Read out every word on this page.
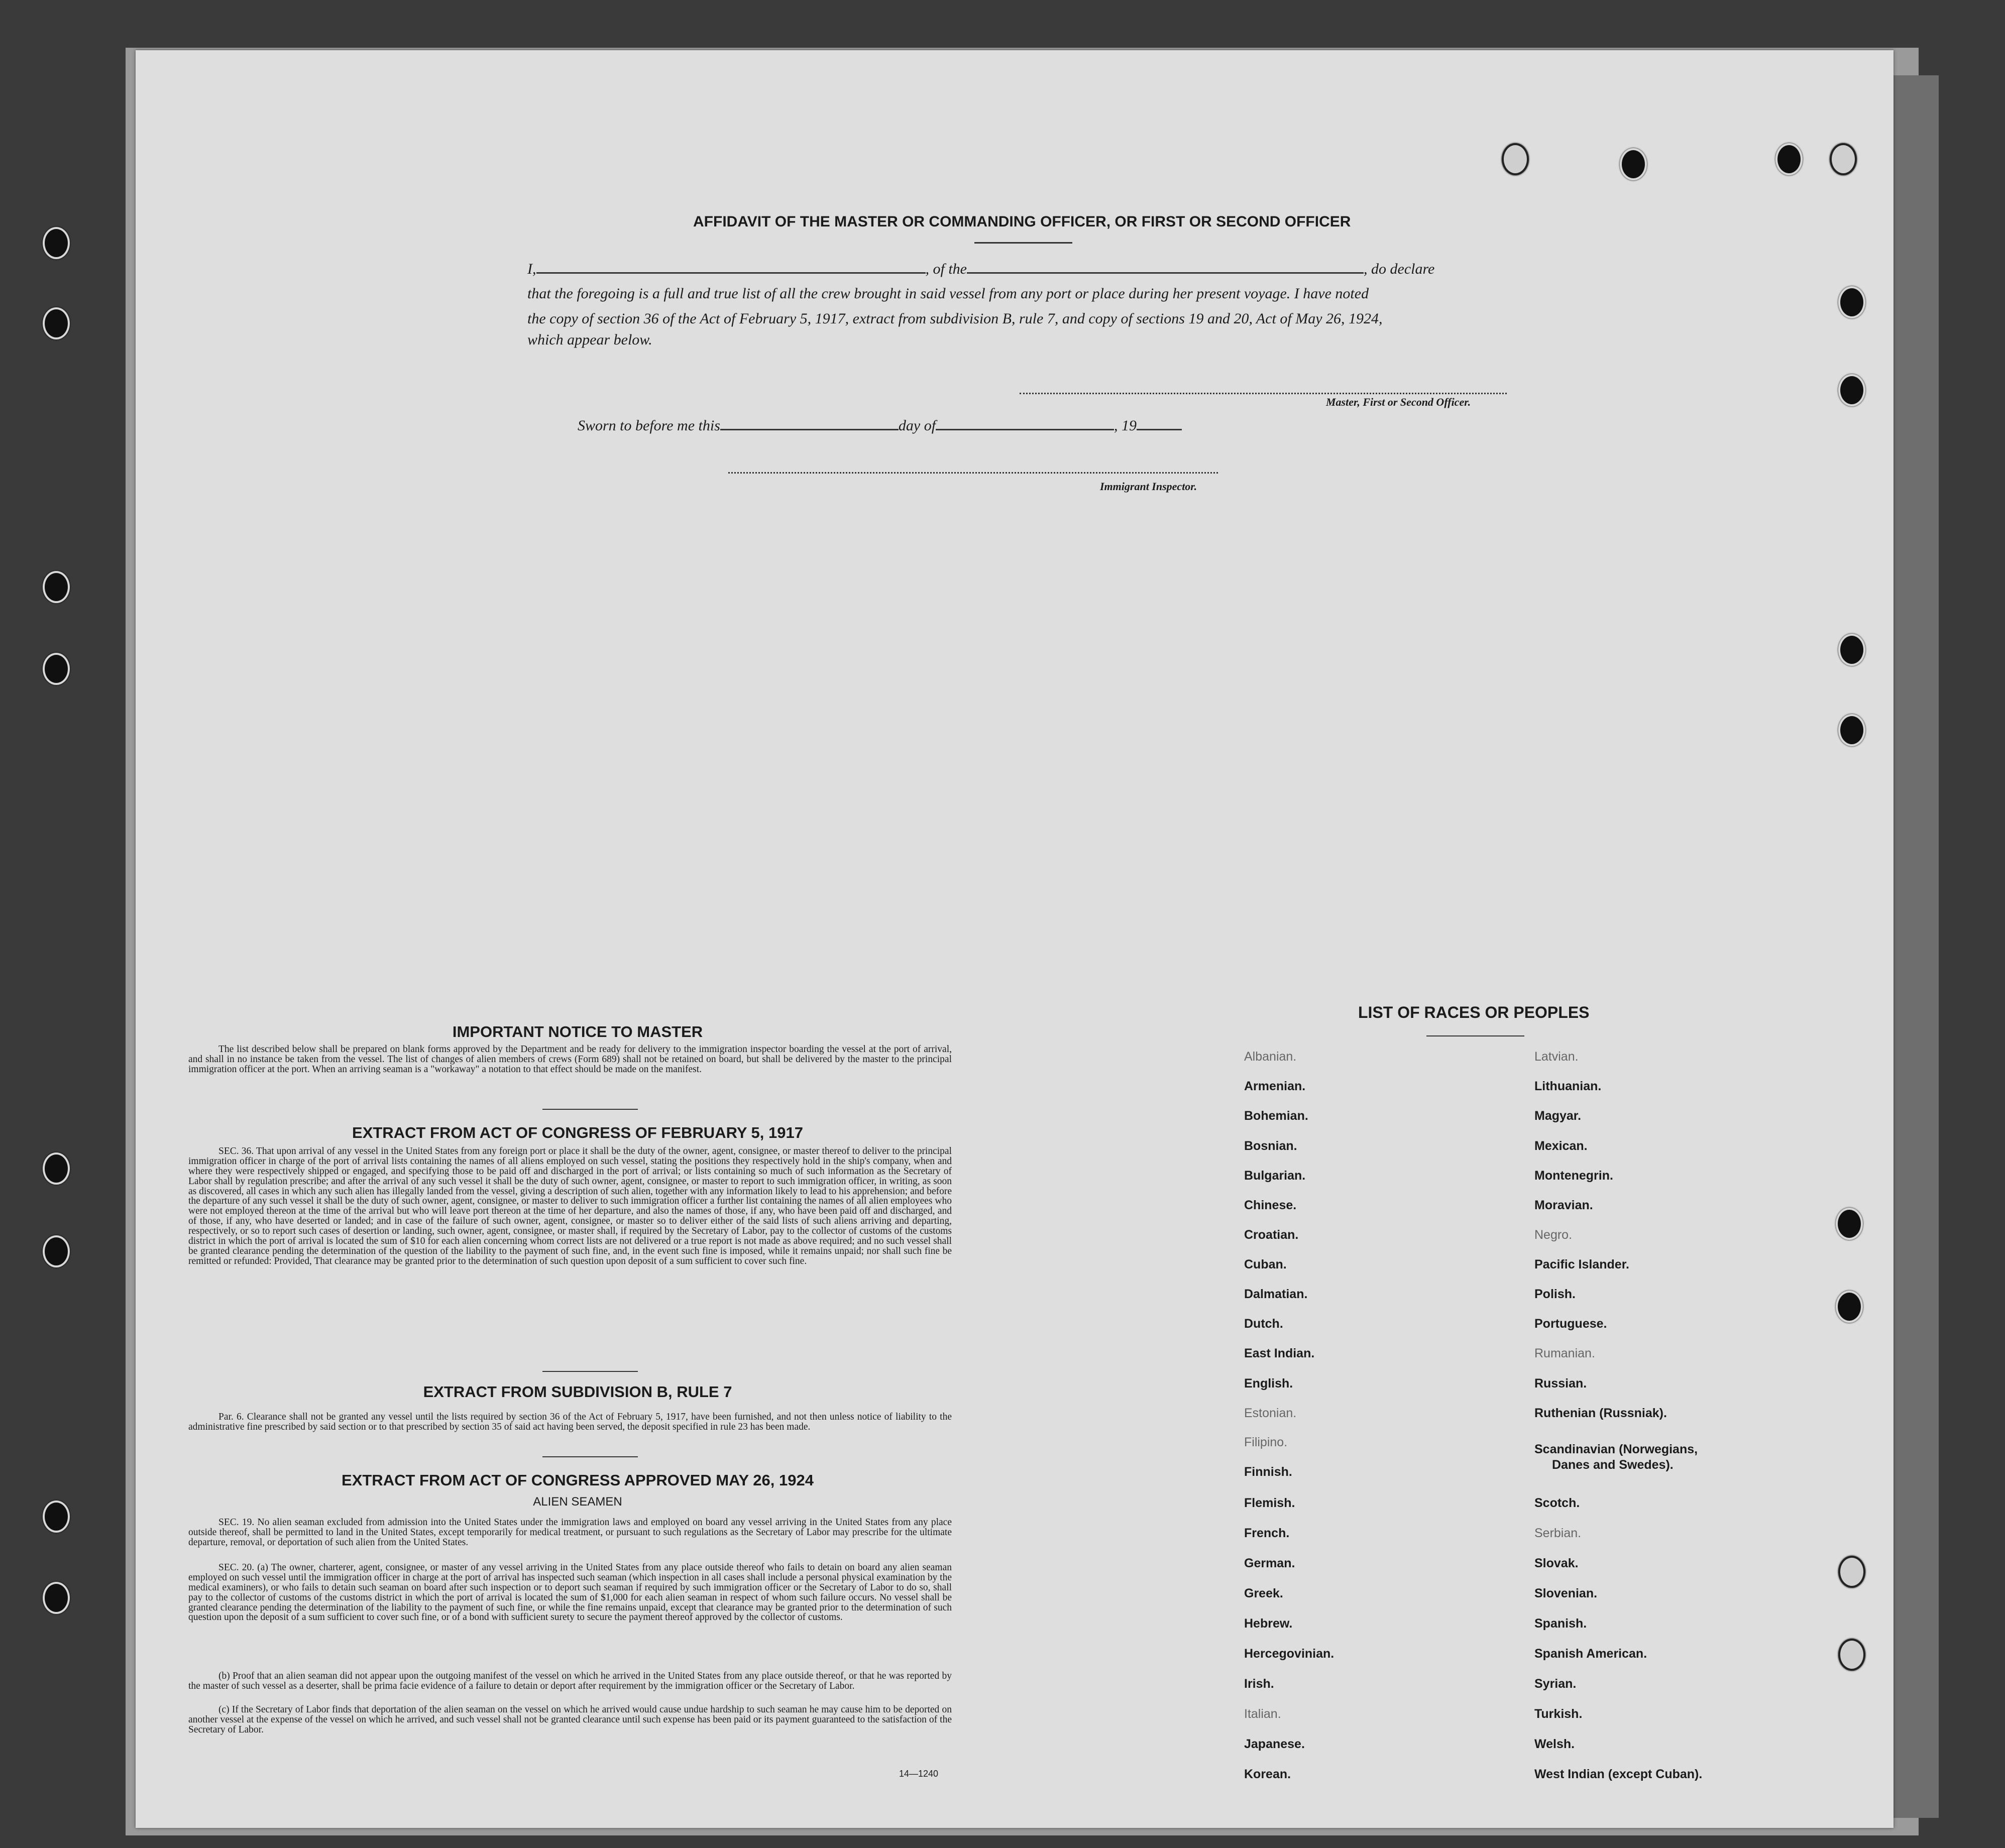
AFFIDAVIT OF THE MASTER OR COMMANDING OFFICER, OR FIRST OR SECOND OFFICER
I,	, of the	, do declare
that the foregoing is a full and true list of all the crew brought in said vessel from any port or place during her present voyage. I have noted
the copy of section 36 of the Act of February 5, 1917, extract from subdivision B, rule 7, and copy of sections 19 and 20, Act of May 26, 1924,
which appear below.
Master, First or Second Officer.
Sworn to before me this	day of	, 19
Immigrant Inspector.
IMPORTANT NOTICE TO MASTER
The list described below shall be prepared on blank forms approved by the Department and be ready for delivery to the immigration inspector boarding the vessel at the port of arrival, and shall in no instance be taken from the vessel. The list of changes of alien members of crews (Form 689) shall not be retained on board, but shall be delivered by the master to the principal immigration officer at the port. When an arriving seaman is a "workaway" a notation to that effect should be made on the manifest.
EXTRACT FROM ACT OF CONGRESS OF FEBRUARY 5, 1917
SEC. 36. That upon arrival of any vessel in the United States from any foreign port or place it shall be the duty of the owner, agent, consignee, or master thereof to deliver to the principal immigration officer in charge of the port of arrival lists containing the names of all aliens employed on such vessel, stating the positions they respectively hold in the ship's company, when and where they were respectively shipped or engaged, and specifying those to be paid off and discharged in the port of arrival; or lists containing so much of such information as the Secretary of Labor shall by regulation prescribe; and after the arrival of any such vessel it shall be the duty of such owner, agent, consignee, or master to report to such immigration officer, in writing, as soon as discovered, all cases in which any such alien has illegally landed from the vessel, giving a description of such alien, together with any information likely to lead to his apprehension; and before the departure of any such vessel it shall be the duty of such owner, agent, consignee, or master to deliver to such immigration officer a further list containing the names of all alien employees who were not employed thereon at the time of the arrival but who will leave port thereon at the time of her departure, and also the names of those, if any, who have been paid off and discharged, and of those, if any, who have deserted or landed; and in case of the failure of such owner, agent, consignee, or master so to deliver either of the said lists of such aliens arriving and departing, respectively, or so to report such cases of desertion or landing, such owner, agent, consignee, or master shall, if required by the Secretary of Labor, pay to the collector of customs of the customs district in which the port of arrival is located the sum of $10 for each alien concerning whom correct lists are not delivered or a true report is not made as above required; and no such vessel shall be granted clearance pending the determination of the question of the liability to the payment of such fine, and, in the event such fine is imposed, while it remains unpaid; nor shall such fine be remitted or refunded: Provided, That clearance may be granted prior to the determination of such question upon deposit of a sum sufficient to cover such fine.
EXTRACT FROM SUBDIVISION B, RULE 7
Par. 6. Clearance shall not be granted any vessel until the lists required by section 36 of the Act of February 5, 1917, have been furnished, and not then unless notice of liability to the administrative fine prescribed by said section or to that prescribed by section 35 of said act having been served, the deposit specified in rule 23 has been made.
EXTRACT FROM ACT OF CONGRESS APPROVED MAY 26, 1924
ALIEN SEAMEN
SEC. 19. No alien seaman excluded from admission into the United States under the immigration laws and employed on board any vessel arriving in the United States from any place outside thereof, shall be permitted to land in the United States, except temporarily for medical treatment, or pursuant to such regulations as the Secretary of Labor may prescribe for the ultimate departure, removal, or deportation of such alien from the United States.
SEC. 20. (a) The owner, charterer, agent, consignee, or master of any vessel arriving in the United States from any place outside thereof who fails to detain on board any alien seaman employed on such vessel until the immigration officer in charge at the port of arrival has inspected such seaman (which inspection in all cases shall include a personal physical examination by the medical examiners), or who fails to detain such seaman on board after such inspection or to deport such seaman if required by such immigration officer or the Secretary of Labor to do so, shall pay to the collector of customs of the customs district in which the port of arrival is located the sum of $1,000 for each alien seaman in respect of whom such failure occurs. No vessel shall be granted clearance pending the determination of the liability to the payment of such fine, or while the fine remains unpaid, except that clearance may be granted prior to the determination of such question upon the deposit of a sum sufficient to cover such fine, or of a bond with sufficient surety to secure the payment thereof approved by the collector of customs.
(b) Proof that an alien seaman did not appear upon the outgoing manifest of the vessel on which he arrived in the United States from any place outside thereof, or that he was reported by the master of such vessel as a deserter, shall be prima facie evidence of a failure to detain or deport after requirement by the immigration officer or the Secretary of Labor.
(c) If the Secretary of Labor finds that deportation of the alien seaman on the vessel on which he arrived would cause undue hardship to such seaman he may cause him to be deported on another vessel at the expense of the vessel on which he arrived, and such vessel shall not be granted clearance until such expense has been paid or its payment guaranteed to the satisfaction of the Secretary of Labor.
14—1240
LIST OF RACES OR PEOPLES
Albanian.
Armenian.
Bohemian.
Bosnian.
Bulgarian.
Chinese.
Croatian.
Cuban.
Dalmatian.
Dutch.
East Indian.
English.
Estonian.
Filipino.
Finnish.
Flemish.
French.
German.
Greek.
Hebrew.
Hercegovinian.
Irish.
Italian.
Japanese.
Korean.
Latvian.
Lithuanian.
Magyar.
Mexican.
Montenegrin.
Moravian.
Negro.
Pacific Islander.
Polish.
Portuguese.
Rumanian.
Russian.
Ruthenian (Russniak).
Scandinavian (Norwegians,
Danes and Swedes).
Scotch.
Serbian.
Slovak.
Slovenian.
Spanish.
Spanish American.
Syrian.
Turkish.
Welsh.
West Indian (except Cuban).
